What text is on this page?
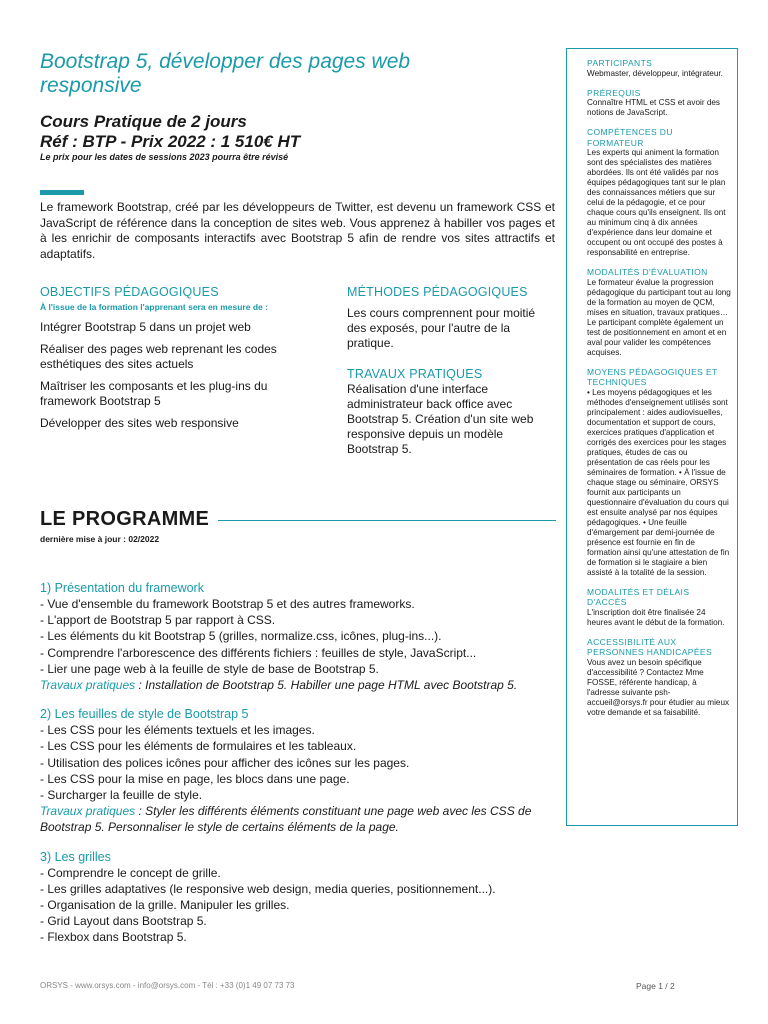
Bootstrap 5, développer des pages web responsive
Cours Pratique de 2 jours
Réf : BTP - Prix 2022 : 1 510€ HT
Le prix pour les dates de sessions 2023 pourra être révisé
Le framework Bootstrap, créé par les développeurs de Twitter, est devenu un framework CSS et JavaScript de référence dans la conception de sites web. Vous apprenez à habiller vos pages et à les enrichir de composants interactifs avec Bootstrap 5 afin de rendre vos sites attractifs et adaptatifs.
OBJECTIFS PÉDAGOGIQUES
À l'issue de la formation l'apprenant sera en mesure de :
Intégrer Bootstrap 5 dans un projet web
Réaliser des pages web reprenant les codes esthétiques des sites actuels
Maîtriser les composants et les plug-ins du framework Bootstrap 5
Développer des sites web responsive
MÉTHODES PÉDAGOGIQUES
Les cours comprennent pour moitié des exposés, pour l'autre de la pratique.
TRAVAUX PRATIQUES
Réalisation d'une interface administrateur back office avec Bootstrap 5. Création d'un site web responsive depuis un modèle Bootstrap 5.
LE PROGRAMME
dernière mise à jour : 02/2022
1) Présentation du framework
- Vue d'ensemble du framework Bootstrap 5 et des autres frameworks.
- L'apport de Bootstrap 5 par rapport à CSS.
- Les éléments du kit Bootstrap 5 (grilles, normalize.css, icônes, plug-ins...).
- Comprendre l'arborescence des différents fichiers : feuilles de style, JavaScript...
- Lier une page web à la feuille de style de base de Bootstrap 5.
Travaux pratiques : Installation de Bootstrap 5. Habiller une page HTML avec Bootstrap 5.
2) Les feuilles de style de Bootstrap 5
- Les CSS pour les éléments textuels et les images.
- Les CSS pour les éléments de formulaires et les tableaux.
- Utilisation des polices icônes pour afficher des icônes sur les pages.
- Les CSS pour la mise en page, les blocs dans une page.
- Surcharger la feuille de style.
Travaux pratiques : Styler les différents éléments constituant une page web avec les CSS de Bootstrap 5. Personnaliser le style de certains éléments de la page.
3) Les grilles
- Comprendre le concept de grille.
- Les grilles adaptatives (le responsive web design, media queries, positionnement...).
- Organisation de la grille. Manipuler les grilles.
- Grid Layout dans Bootstrap 5.
- Flexbox dans Bootstrap 5.
PARTICIPANTS
Webmaster, développeur, intégrateur.
PRÉREQUIS
Connaître HTML et CSS et avoir des notions de JavaScript.
COMPÉTENCES DU FORMATEUR
Les experts qui animent la formation sont des spécialistes des matières abordées. Ils ont été validés par nos équipes pédagogiques tant sur le plan des connaissances métiers que sur celui de la pédagogie, et ce pour chaque cours qu'ils enseignent. Ils ont au minimum cinq à dix années d'expérience dans leur domaine et occupent ou ont occupé des postes à responsabilité en entreprise.
MODALITÉS D'ÉVALUATION
Le formateur évalue la progression pédagogique du participant tout au long de la formation au moyen de QCM, mises en situation, travaux pratiques… Le participant complète également un test de positionnement en amont et en aval pour valider les compétences acquises.
MOYENS PÉDAGOGIQUES ET TECHNIQUES
• Les moyens pédagogiques et les méthodes d'enseignement utilisés sont principalement : aides audiovisuelles, documentation et support de cours, exercices pratiques d'application et corrigés des exercices pour les stages pratiques, études de cas ou présentation de cas réels pour les séminaires de formation. • À l'issue de chaque stage ou séminaire, ORSYS fournit aux participants un questionnaire d'évaluation du cours qui est ensuite analysé par nos équipes pédagogiques. • Une feuille d'émargement par demi-journée de présence est fournie en fin de formation ainsi qu'une attestation de fin de formation si le stagiaire a bien assisté à la totalité de la session.
MODALITÉS ET DÉLAIS D'ACCÈS
L'inscription doit être finalisée 24 heures avant le début de la formation.
ACCESSIBILITÉ AUX PERSONNES HANDICAPÉES
Vous avez un besoin spécifique d'accessibilité ? Contactez Mme FOSSE, référente handicap, à l'adresse suivante psh-accueil@orsys.fr pour étudier au mieux votre demande et sa faisabilité.
ORSYS - www.orsys.com - info@orsys.com - Tél : +33 (0)1 49 07 73 73	Page 1 / 2
